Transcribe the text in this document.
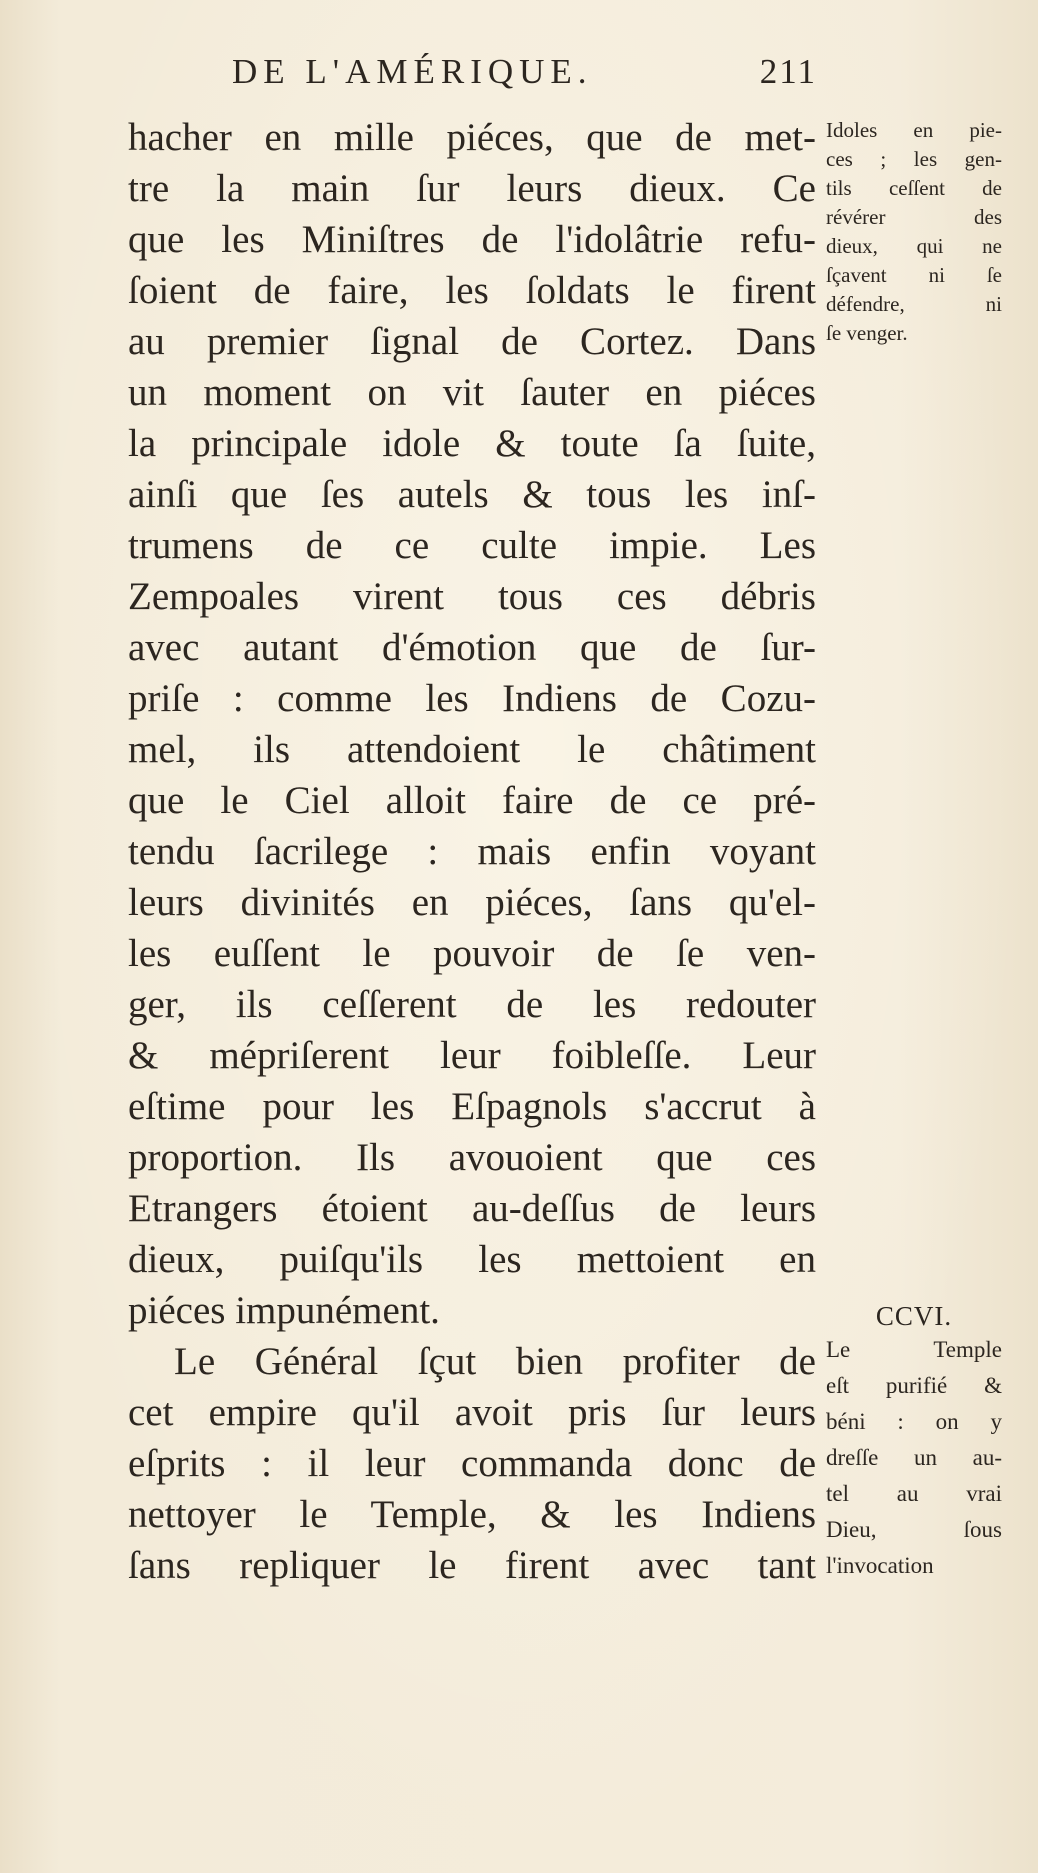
DE L'AMÉRIQUE.	211
hacher en mille piéces, que de met-
tre la main ſur leurs dieux. Ce
que les Miniſtres de l'idolâtrie refu-
ſoient de faire, les ſoldats le firent
au premier ſignal de Cortez. Dans
un moment on vit ſauter en piéces
la principale idole & toute ſa ſuite,
ainſi que ſes autels & tous les inſ-
trumens de ce culte impie. Les
Zempoales virent tous ces débris
avec autant d'émotion que de ſur-
priſe : comme les Indiens de Cozu-
mel, ils attendoient le châtiment
que le Ciel alloit faire de ce pré-
tendu ſacrilege : mais enfin voyant
leurs divinités en piéces, ſans qu'el-
les euſſent le pouvoir de ſe ven-
ger, ils ceſſerent de les redouter
& mépriſerent leur foibleſſe. Leur
eſtime pour les Eſpagnols s'accrut à
proportion. Ils avouoient que ces
Etrangers étoient au-deſſus de leurs
dieux, puiſqu'ils les mettoient en
piéces impunément.
Le Général ſçut bien profiter de
cet empire qu'il avoit pris ſur leurs
eſprits : il leur commanda donc de
nettoyer le Temple, & les Indiens
ſans repliquer le firent avec tant
Idoles en pie-
ces ; les gen-
tils ceſſent de
révérer des
dieux, qui ne
ſçavent ni ſe
défendre, ni
ſe venger.
CCVI.
Le Temple
eſt purifié &
béni : on y
dreſſe un au-
tel au vrai
Dieu, ſous
l'invocation
